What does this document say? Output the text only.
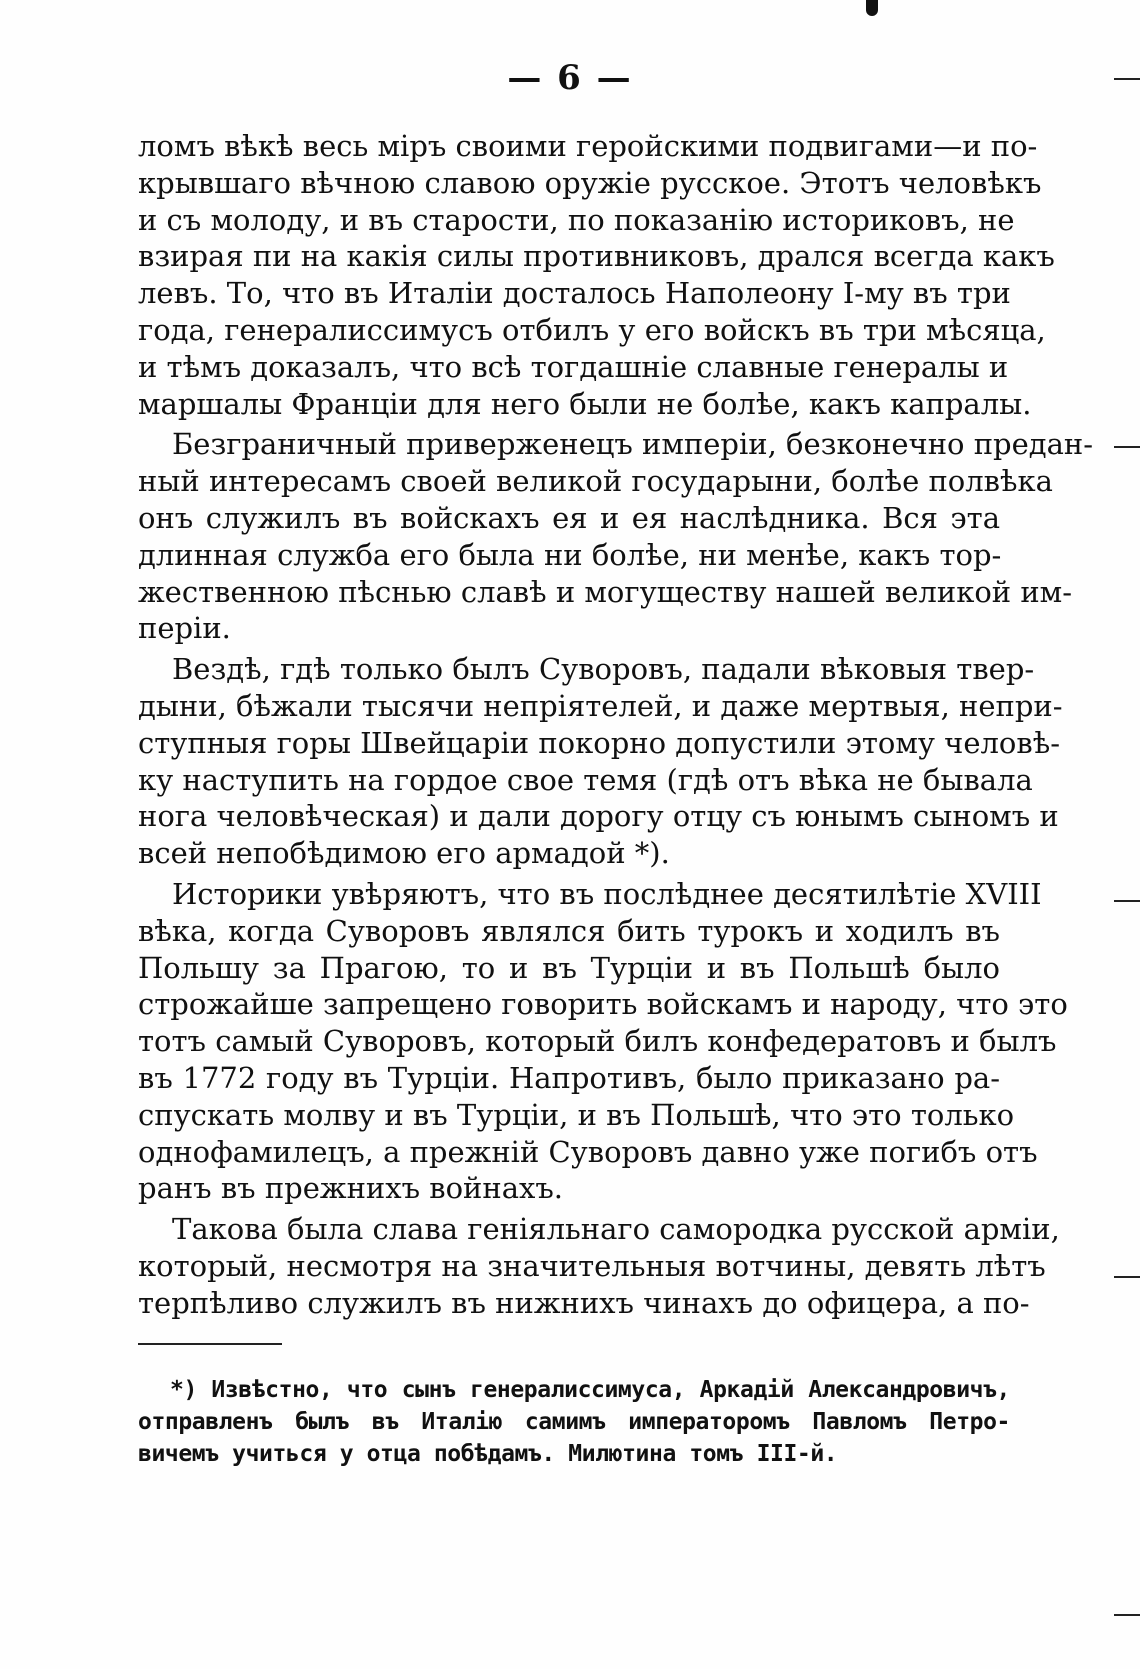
— 6 —
ломъ вѣкѣ весь міръ своими геройскими подвигами—и по-
крывшаго вѣчною славою оружіе русское. Этотъ человѣкъ
и съ молоду, и въ старости, по показанію историковъ, не
взирая пи на какія силы противниковъ, дрался всегда какъ
левъ. То, что въ Италіи досталось Наполеону I-му въ три
года, генералиссимусъ отбилъ у его войскъ въ три мѣсяца,
и тѣмъ доказалъ, что всѣ тогдашніе славные генералы и
маршалы Франціи для него были не болѣе, какъ капралы.
Безграничный приверженецъ имперіи, безконечно предан-
ный интересамъ своей великой государыни, болѣе полвѣка
онъ служилъ въ войскахъ ея и ея наслѣдника. Вся эта
длинная служба его была ни болѣе, ни менѣе, какъ тор-
жественною пѣснью славѣ и могуществу нашей великой им-
періи.
Вездѣ, гдѣ только былъ Суворовъ, падали вѣковыя твер-
дыни, бѣжали тысячи непріятелей, и даже мертвыя, непри-
ступныя горы Швейцаріи покорно допустили этому человѣ-
ку наступить на гордое свое темя (гдѣ отъ вѣка не бывала
нога человѣческая) и дали дорогу отцу съ юнымъ сыномъ и
всей непобѣдимою его армадой *).
Историки увѣряютъ, что въ послѣднее десятилѣтіе XVIII
вѣка, когда Суворовъ являлся бить турокъ и ходилъ въ
Польшу за Прагою, то и въ Турціи и въ Польшѣ было
строжайше запрещено говорить войскамъ и народу, что это
тотъ самый Суворовъ, который билъ конфедератовъ и былъ
въ 1772 году въ Турціи. Напротивъ, было приказано ра-
спускать молву и въ Турціи, и въ Польшѣ, что это только
однофамилецъ, а прежній Суворовъ давно уже погибъ отъ
ранъ въ прежнихъ войнахъ.
Такова была слава геніяльнаго самородка русской арміи,
который, несмотря на значительныя вотчины, девять лѣтъ
терпѣливо служилъ въ нижнихъ чинахъ до офицера, а по-
*) Извѣстно, что сынъ генералиссимуса, Аркадій Александровичъ,
отправленъ былъ въ Италію самимъ императоромъ Павломъ Петро-
вичемъ учиться у отца побѣдамъ. Милютина томъ III-й.
